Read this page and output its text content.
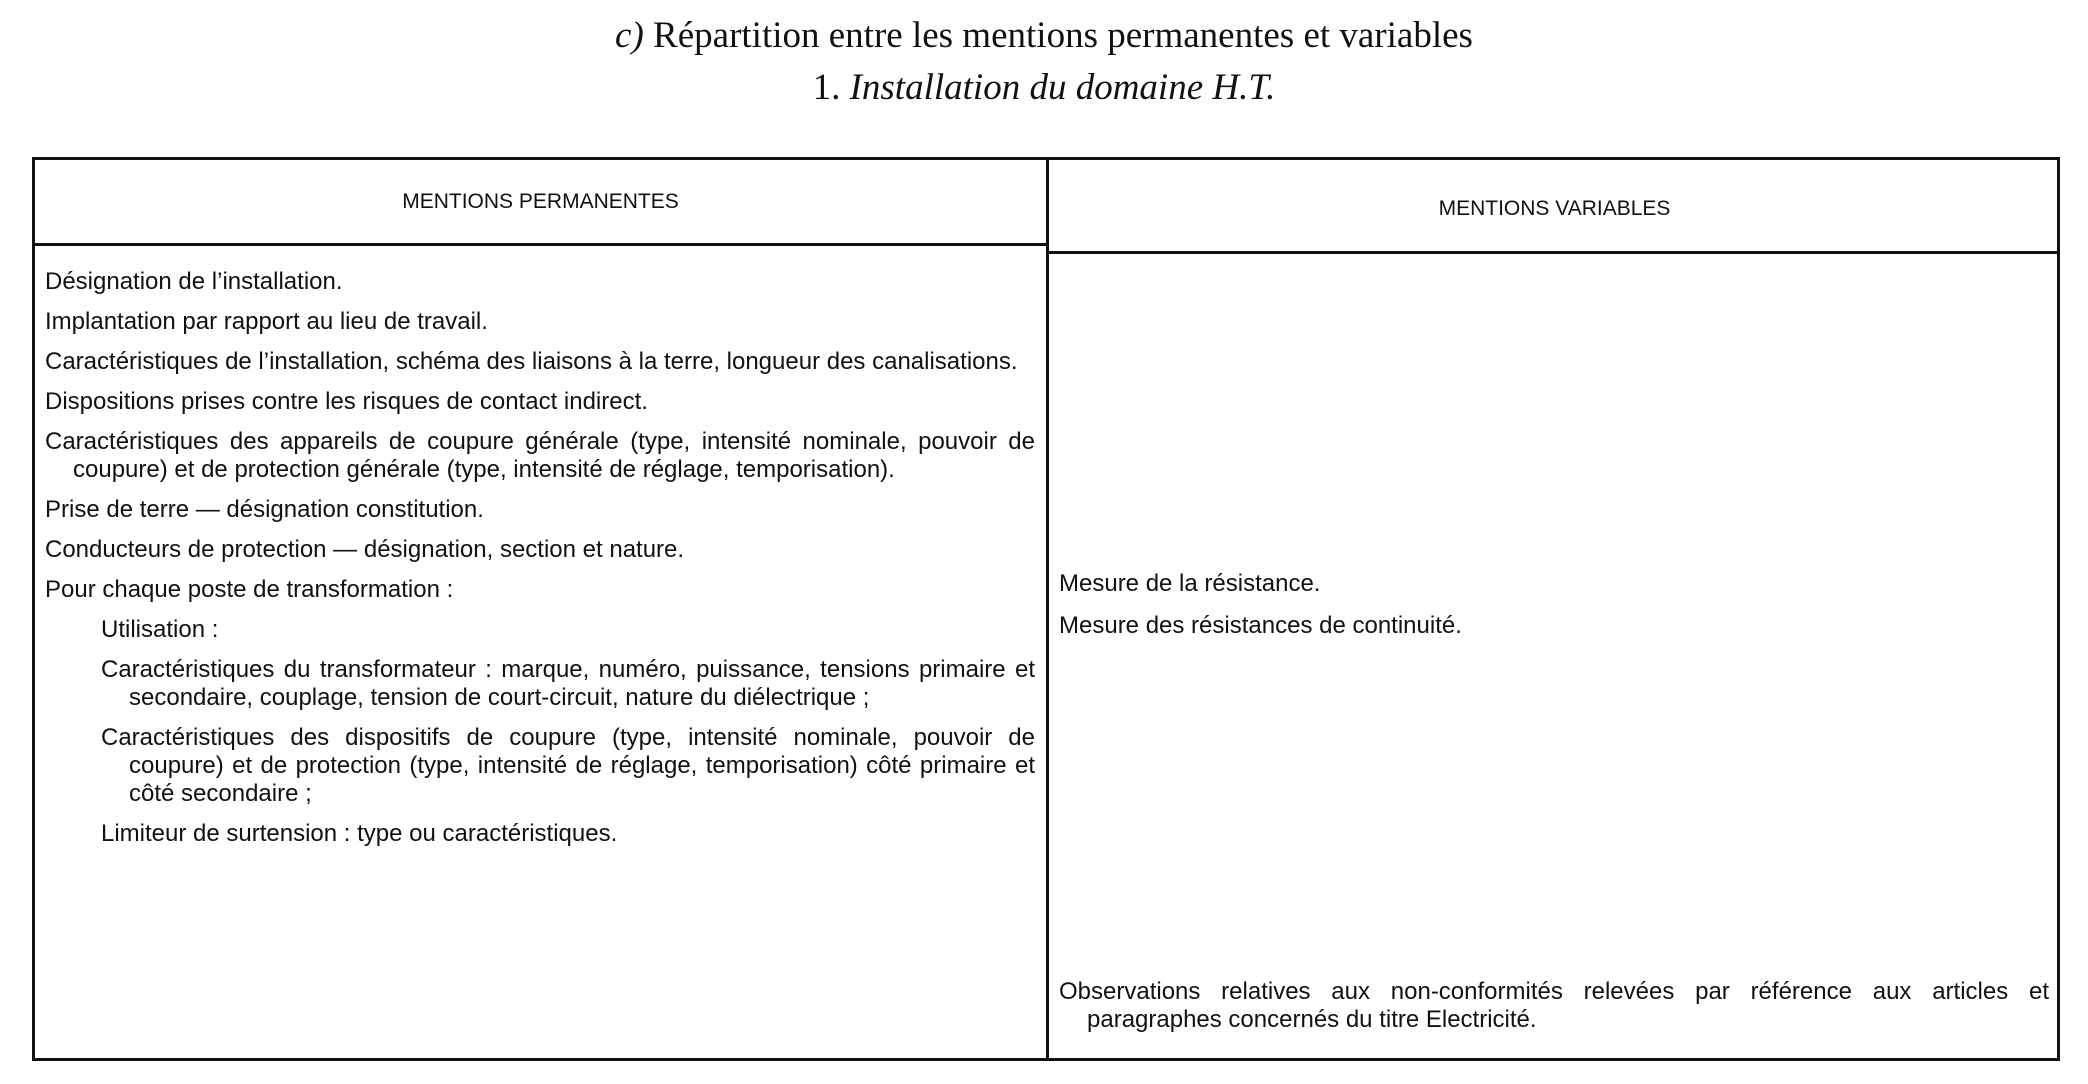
c) Répartition entre les mentions permanentes et variables
1. Installation du domaine H.T.
MENTIONS PERMANENTES	MENTIONS VARIABLES
Désignation de l’installation.
Implantation par rapport au lieu de travail.
Caractéristiques de l’installation, schéma des liaisons à la terre, longueur des canalisations.
Dispositions prises contre les risques de contact indirect.
Caractéristiques des appareils de coupure générale (type, intensité nominale, pouvoir de coupure) et de protection générale (type, intensité de réglage, temporisation).
Prise de terre — désignation constitution.
Conducteurs de protection — désignation, section et nature.
Pour chaque poste de transformation :
Utilisation :
Caractéristiques du transformateur : marque, numéro, puissance, tensions primaire et secondaire, couplage, tension de court-circuit, nature du diélectrique ;
Caractéristiques des dispositifs de coupure (type, intensité nominale, pouvoir de coupure) et de protection (type, intensité de réglage, temporisation) côté primaire et côté secondaire ;
Limiteur de surtension : type ou caractéristiques.
Mesure de la résistance.
Mesure des résistances de continuité.
Observations relatives aux non-conformités relevées par référence aux articles et paragraphes concernés du titre Electricité.
